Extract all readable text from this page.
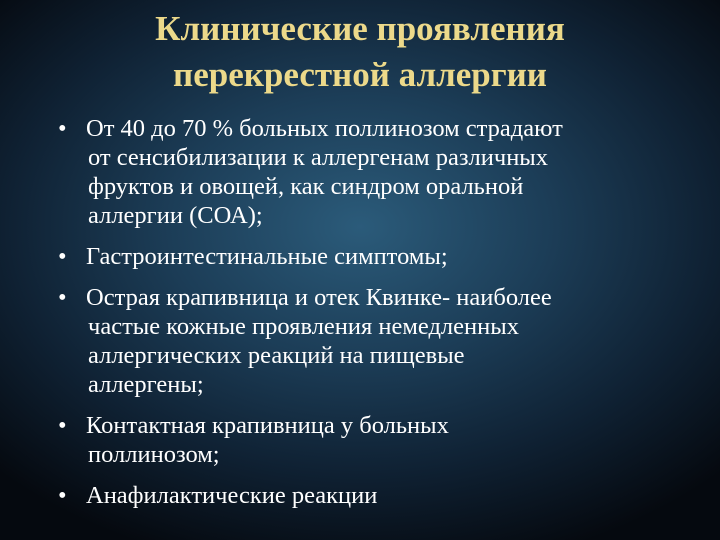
Клинические проявления
перекрестной аллергии
• От 40 до 70 % больных поллинозом страдают
от сенсибилизации к аллергенам различных
фруктов и овощей, как синдром оральной
аллергии (СОА);
• Гастроинтестинальные симптомы;
• Острая крапивница и отек Квинке- наиболее
частые кожные проявления немедленных
аллергических реакций на пищевые
аллергены;
• Контактная крапивница у больных
поллинозом;
• Анафилактические реакции
